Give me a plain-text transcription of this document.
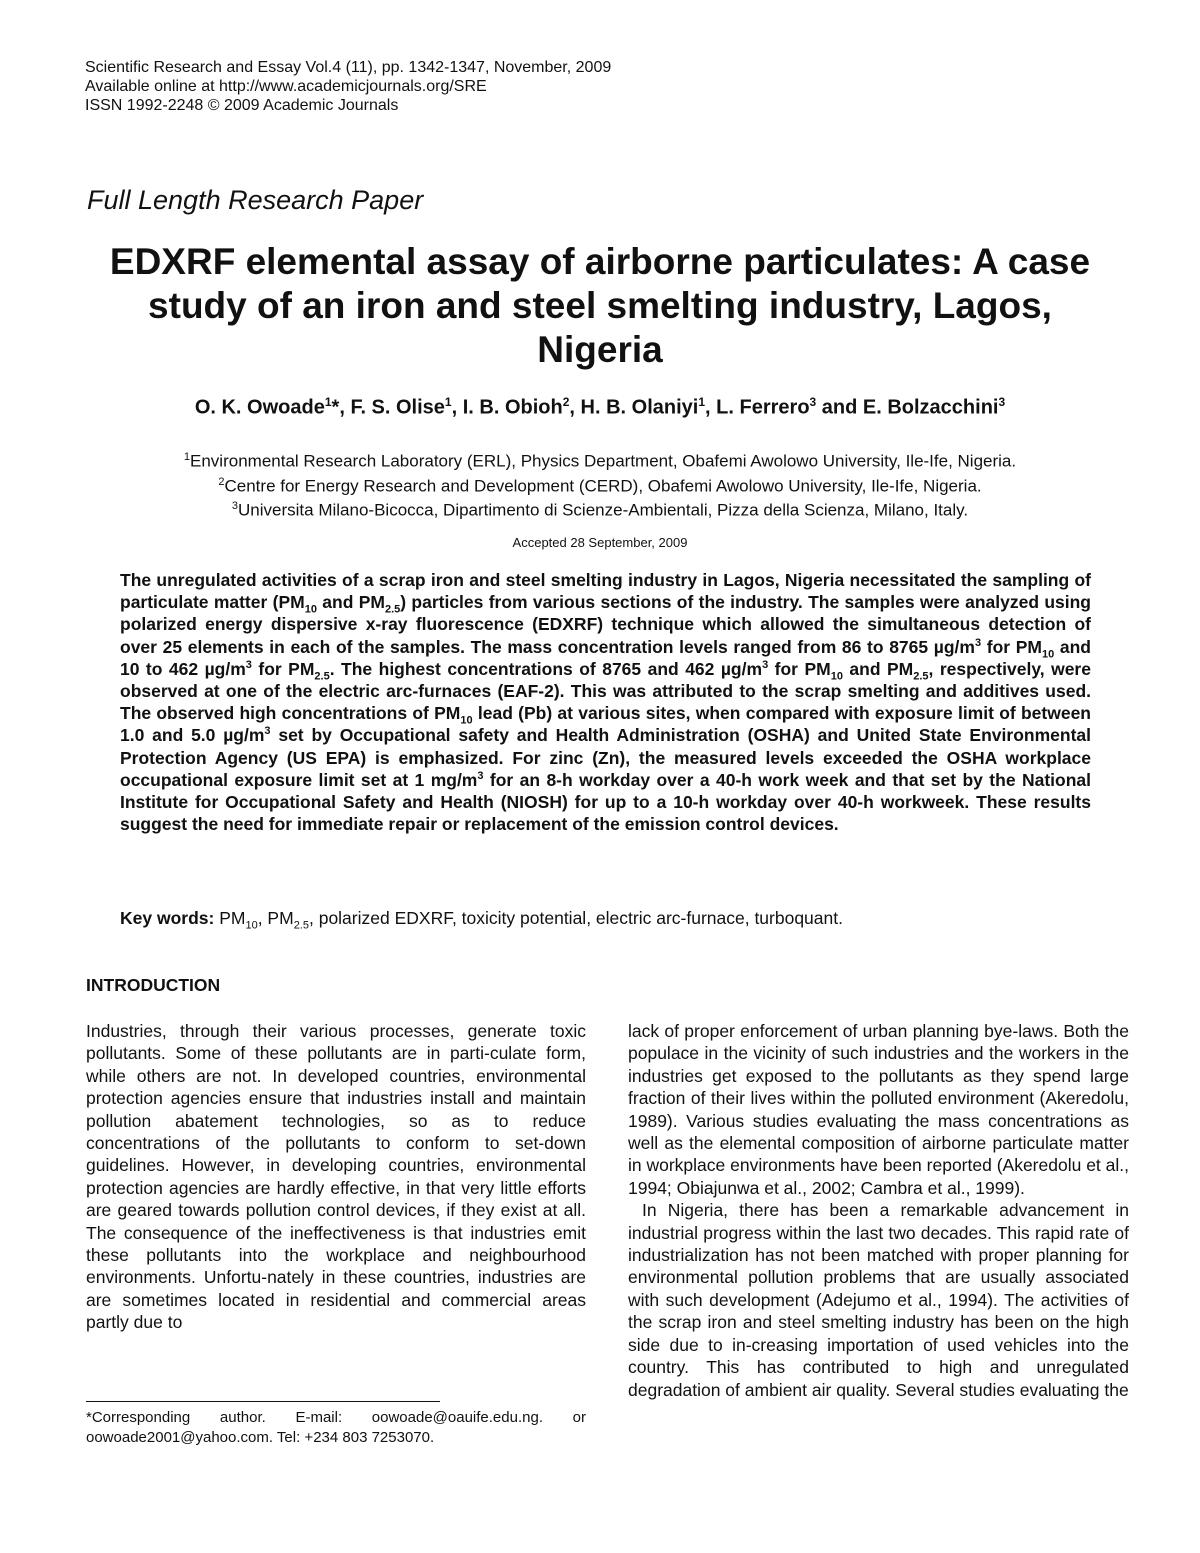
Scientific Research and Essay Vol.4 (11), pp. 1342-1347, November, 2009
Available online at http://www.academicjournals.org/SRE
ISSN 1992-2248 © 2009 Academic Journals
Full Length Research Paper
EDXRF elemental assay of airborne particulates: A case
study of an iron and steel smelting industry, Lagos,
Nigeria
O. K. Owoade$^1$*, F. S. Olise$^1$, I. B. Obioh$^2$, H. B. Olaniyi$^1$, L. Ferrero$^3$ and E. Bolzacchini$^3$
$^1$Environmental Research Laboratory (ERL), Physics Department, Obafemi Awolowo University, Ile-Ife, Nigeria.
$^2$Centre for Energy Research and Development (CERD), Obafemi Awolowo University, Ile-Ife, Nigeria.
$^3$Universita Milano-Bicocca, Dipartimento di Scienze-Ambientali, Pizza della Scienza, Milano, Italy.
Accepted 28 September, 2009
The unregulated activities of a scrap iron and steel smelting industry in Lagos, Nigeria necessitated the sampling of particulate matter ($PM_{10}$ and $PM_{2.5}$) particles from various sections of the industry. The samples were analyzed using polarized energy dispersive x-ray fluorescence (EDXRF) technique which allowed the simultaneous detection of over 25 elements in each of the samples. The mass concentration levels ranged from 86 to 8765 $\mu g/m^3$ for $PM_{10}$ and 10 to 462 $\mu g/m^3$ for $PM_{2.5}$. The highest concentrations of 8765 and 462 $\mu g/m^3$ for $PM_{10}$ and $PM_{2.5}$, respectively, were observed at one of the electric arc-furnaces (EAF-2). This was attributed to the scrap smelting and additives used. The observed high concentrations of $PM_{10}$ lead (Pb) at various sites, when compared with exposure limit of between 1.0 and 5.0 $\mu g/m^3$ set by Occupational safety and Health Administration (OSHA) and United State Environmental Protection Agency (US EPA) is emphasized. For zinc (Zn), the measured levels exceeded the OSHA workplace occupational exposure limit set at 1 $mg/m^3$ for an 8-h workday over a 40-h work week and that set by the National Institute for Occupational Safety and Health (NIOSH) for up to a 10-h workday over 40-h workweek. These results suggest the need for immediate repair or replacement of the emission control devices.
Key words: $PM_{10}$, $PM_{2.5}$, polarized EDXRF, toxicity potential, electric arc-furnace, turboquant.
INTRODUCTION

Industries, through their various processes, generate toxic pollutants. Some of these pollutants are in parti-culate form, while others are not. In developed countries, environmental protection agencies ensure that industries install and maintain pollution abatement technologies, so as to reduce concentrations of the pollutants to conform to set-down guidelines. However, in developing countries, environmental protection agencies are hardly effective, in that very little efforts are geared towards pollution control devices, if they exist at all. The consequence of the ineffectiveness is that industries emit these pollutants into the workplace and neighbourhood environments. Unfortu-nately in these countries, industries are are sometimes located in residential and commercial areas partly due to

lack of proper enforcement of urban planning bye-laws. Both the populace in the vicinity of such industries and the workers in the industries get exposed to the pollutants as they spend large fraction of their lives within the polluted environment (Akeredolu, 1989). Various studies evaluating the mass concentrations as well as the elemental composition of airborne particulate matter in workplace environments have been reported (Akeredolu et al., 1994; Obiajunwa et al., 2002; Cambra et al., 1999).

In Nigeria, there has been a remarkable advancement in industrial progress within the last two decades. This rapid rate of industrialization has not been matched with proper planning for environmental pollution problems that are usually associated with such development (Adejumo et al., 1994). The activities of the scrap iron and steel smelting industry has been on the high side due to in-creasing importation of used vehicles into the country. This has contributed to high and unregulated degradation of ambient air quality. Several studies evaluating the

*Corresponding author. E-mail: oowoade@oauife.edu.ng. or oowoade2001@yahoo.com. Tel: +234 803 7253070.
